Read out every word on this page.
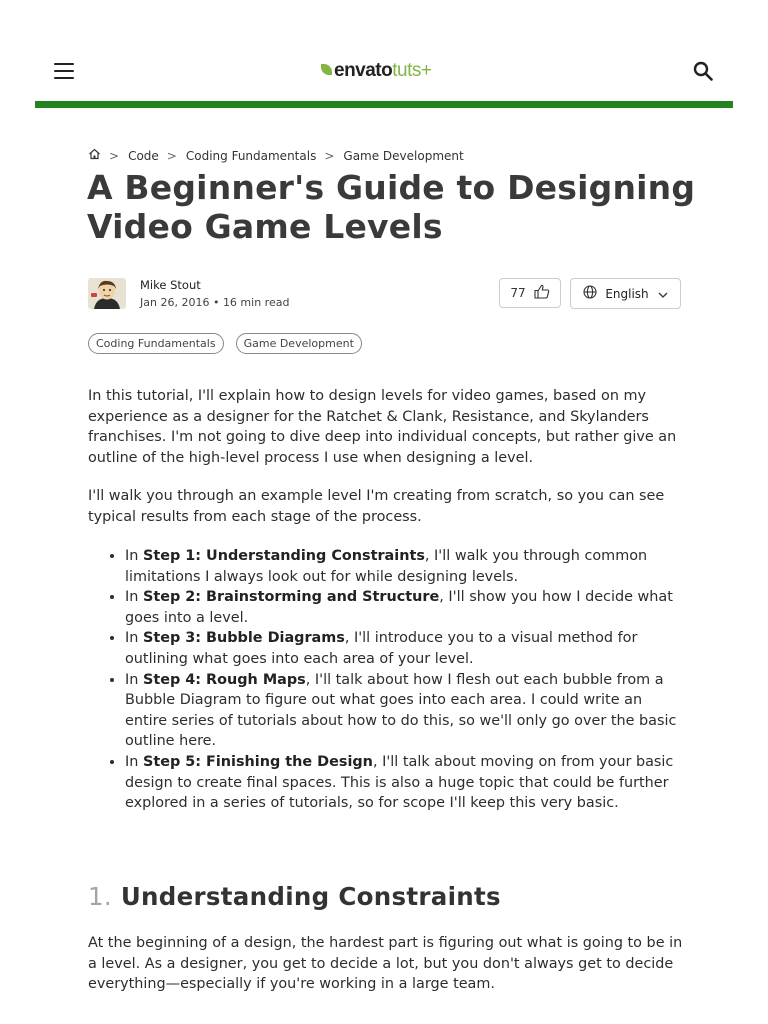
envatotuts+
> Code > Coding Fundamentals > Game Development
A Beginner's Guide to Designing Video Game Levels
Mike Stout
Jan 26, 2016 • 16 min read
77	English
Coding Fundamentals	Game Development

In this tutorial, I'll explain how to design levels for video games, based on my experience as a designer for the Ratchet & Clank, Resistance, and Skylanders franchises. I'm not going to dive deep into individual concepts, but rather give an outline of the high-level process I use when designing a level.

I'll walk you through an example level I'm creating from scratch, so you can see typical results from each stage of the process.

• In Step 1: Understanding Constraints, I'll walk you through common limitations I always look out for while designing levels.
• In Step 2: Brainstorming and Structure, I'll show you how I decide what goes into a level.
• In Step 3: Bubble Diagrams, I'll introduce you to a visual method for outlining what goes into each area of your level.
• In Step 4: Rough Maps, I'll talk about how I flesh out each bubble from a Bubble Diagram to figure out what goes into each area. I could write an entire series of tutorials about how to do this, so we'll only go over the basic outline here.
• In Step 5: Finishing the Design, I'll talk about moving on from your basic design to create final spaces. This is also a huge topic that could be further explored in a series of tutorials, so for scope I'll keep this very basic.
1. Understanding Constraints

At the beginning of a design, the hardest part is figuring out what is going to be in a level. As a designer, you get to decide a lot, but you don't always get to decide everything—especially if you're working in a large team.
